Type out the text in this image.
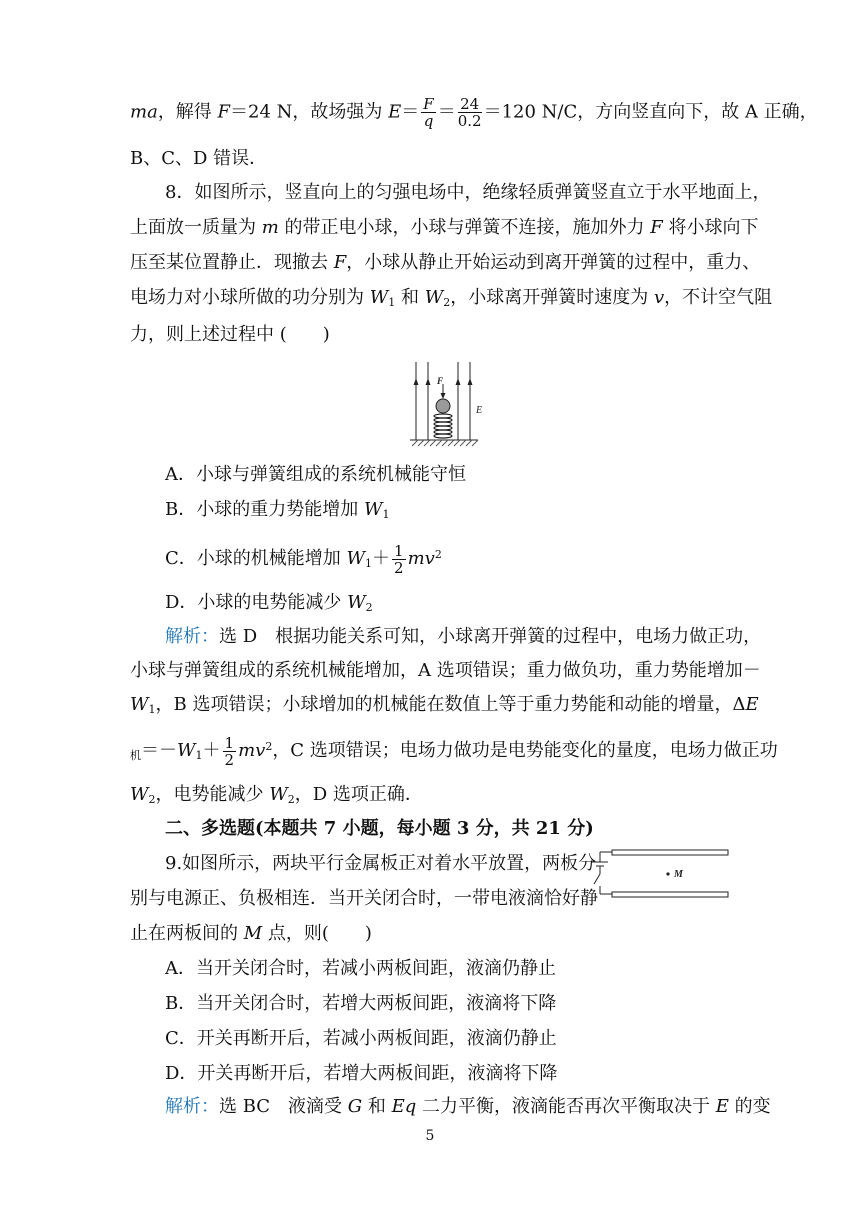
ma，解得 F＝24 N，故场强为 $E= \frac{F}{q} = \frac{24}{0.2} =120$ N/C，方向竖直向下，故 A 正确，
B、C、D 错误．
8．如图所示，竖直向上的匀强电场中，绝缘轻质弹簧竖直立于水平地面上，
上面放一质量为 m 的带正电小球，小球与弹簧不连接，施加外力 F 将小球向下
压至某位置静止．现撤去 F，小球从静止开始运动到离开弹簧的过程中，重力、
电场力对小球所做的功分别为 $W_1$ 和 $W_2$，小球离开弹簧时速度为 v，不计空气阻
力，则上述过程中 (　　)
F
E
A．小球与弹簧组成的系统机械能守恒
B．小球的重力势能增加 $W_1$
C．小球的机械能增加 $W_1+ \frac{1}{2} mv^2$
D．小球的电势能减少 $W_2$
解析：选 D　根据功能关系可知，小球离开弹簧的过程中，电场力做正功，
小球与弹簧组成的系统机械能增加，A 选项错误；重力做负功，重力势能增加－
$W_1$，B 选项错误；小球增加的机械能在数值上等于重力势能和动能的增量，ΔE
$_机=-W_1+ \frac{1}{2} mv^2$，C 选项错误；电场力做功是电势能变化的量度，电场力做正功
$W_2$，电势能减少 $W_2$，D 选项正确．
二、多选题(本题共 7 小题，每小题 3 分，共 21 分)
9.如图所示，两块平行金属板正对着水平放置，两板分
别与电源正、负极相连．当开关闭合时，一带电液滴恰好静
止在两板间的 M 点，则(　　)
M
A．当开关闭合时，若减小两板间距，液滴仍静止
B．当开关闭合时，若增大两板间距，液滴将下降
C．开关再断开后，若减小两板间距，液滴仍静止
D．开关再断开后，若增大两板间距，液滴将下降
解析：选 BC　液滴受 G 和 Eq 二力平衡，液滴能否再次平衡取决于 E 的变
5
